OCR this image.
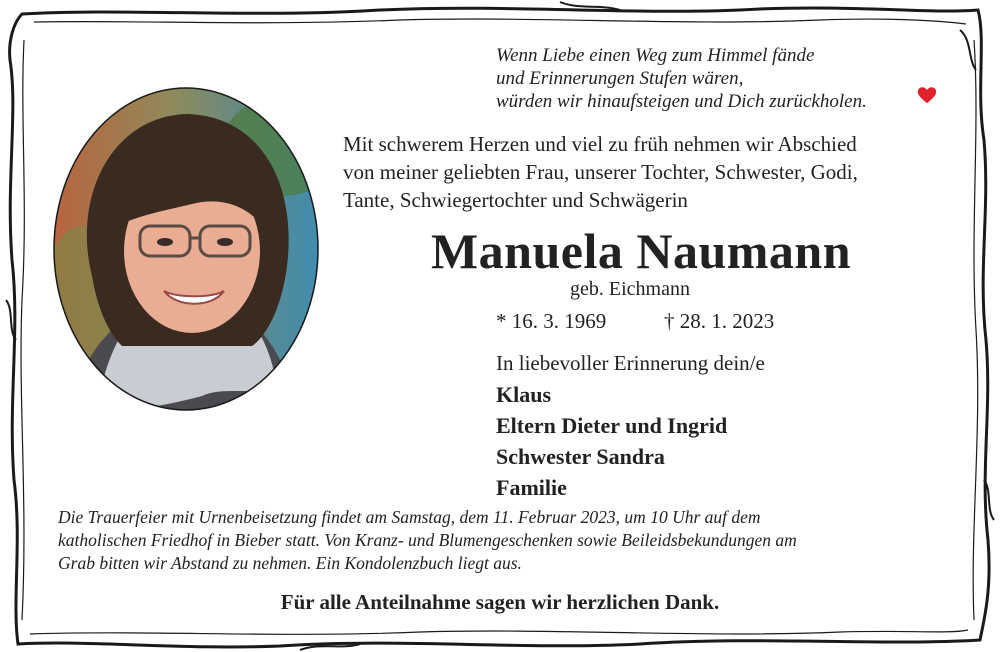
Wenn Liebe einen Weg zum Himmel fände
und Erinnerungen Stufen wären,
würden wir hinaufsteigen und Dich zurückholen.
Mit schwerem Herzen und viel zu früh nehmen wir Abschied
von meiner geliebten Frau, unserer Tochter, Schwester, Godi,
Tante, Schwiegertochter und Schwägerin
Manuela Naumann
geb. Eichmann
* 16. 3. 1969	† 28. 1. 2023
In liebevoller Erinnerung dein/e
Klaus
Eltern Dieter und Ingrid
Schwester Sandra
Familie
Die Trauerfeier mit Urnenbeisetzung findet am Samstag, dem 11. Februar 2023, um 10 Uhr auf dem
katholischen Friedhof in Bieber statt. Von Kranz- und Blumengeschenken sowie Beileidsbekundungen am
Grab bitten wir Abstand zu nehmen. Ein Kondolenzbuch liegt aus.
Für alle Anteilnahme sagen wir herzlichen Dank.
